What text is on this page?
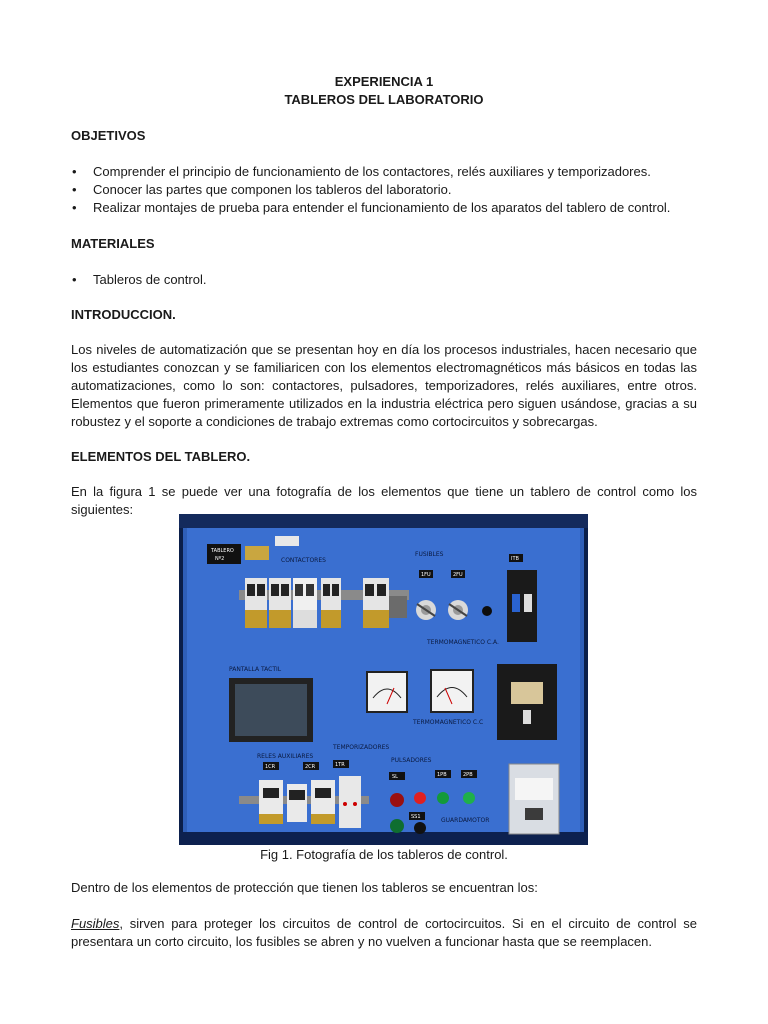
EXPERIENCIA 1
TABLEROS DEL LABORATORIO

OBJETIVOS

• Comprender el principio de funcionamiento de los contactores, relés auxiliares y temporizadores.
• Conocer las partes que componen los tableros del laboratorio.
• Realizar montajes de prueba para entender el funcionamiento de los aparatos del tablero de control.

MATERIALES

• Tableros de control.

INTRODUCCION.

Los niveles de automatización que se presentan hoy en día los procesos industriales, hacen necesario que los estudiantes conozcan y se familiaricen con los elementos electromagnéticos más básicos en todas las automatizaciones, como lo son: contactores, pulsadores, temporizadores, relés auxiliares, entre otros. Elementos que fueron primeramente utilizados en la industria eléctrica pero siguen usándose, gracias a su robustez y el soporte a condiciones de trabajo extremas como cortocircuitos y sobrecargas.

ELEMENTOS DEL TABLERO.

En la figura 1 se puede ver una fotografía de los elementos que tiene un tablero de control como los siguientes:

TABLERO
Nº2	CONTACTORES
FUSIBLES
1FU	2FU
ITB
TERMOMAGNETICO C.A.
PANTALLA TACTIL
TERMOMAGNETICO C.C
TEMPORIZADORES
RELES AUXILIARES
PULSADORES
1CR	2CR	1TR
SL	1PB	2PB
SS1	GUARDAMOTOR
Fig 1. Fotografía de los tableros de control.

Dentro de los elementos de protección que tienen los tableros se encuentran los:

Fusibles, sirven para proteger los circuitos de control de cortocircuitos. Si en el circuito de control se presentara un corto circuito, los fusibles se abren y no vuelven a funcionar hasta que se reemplacen.
